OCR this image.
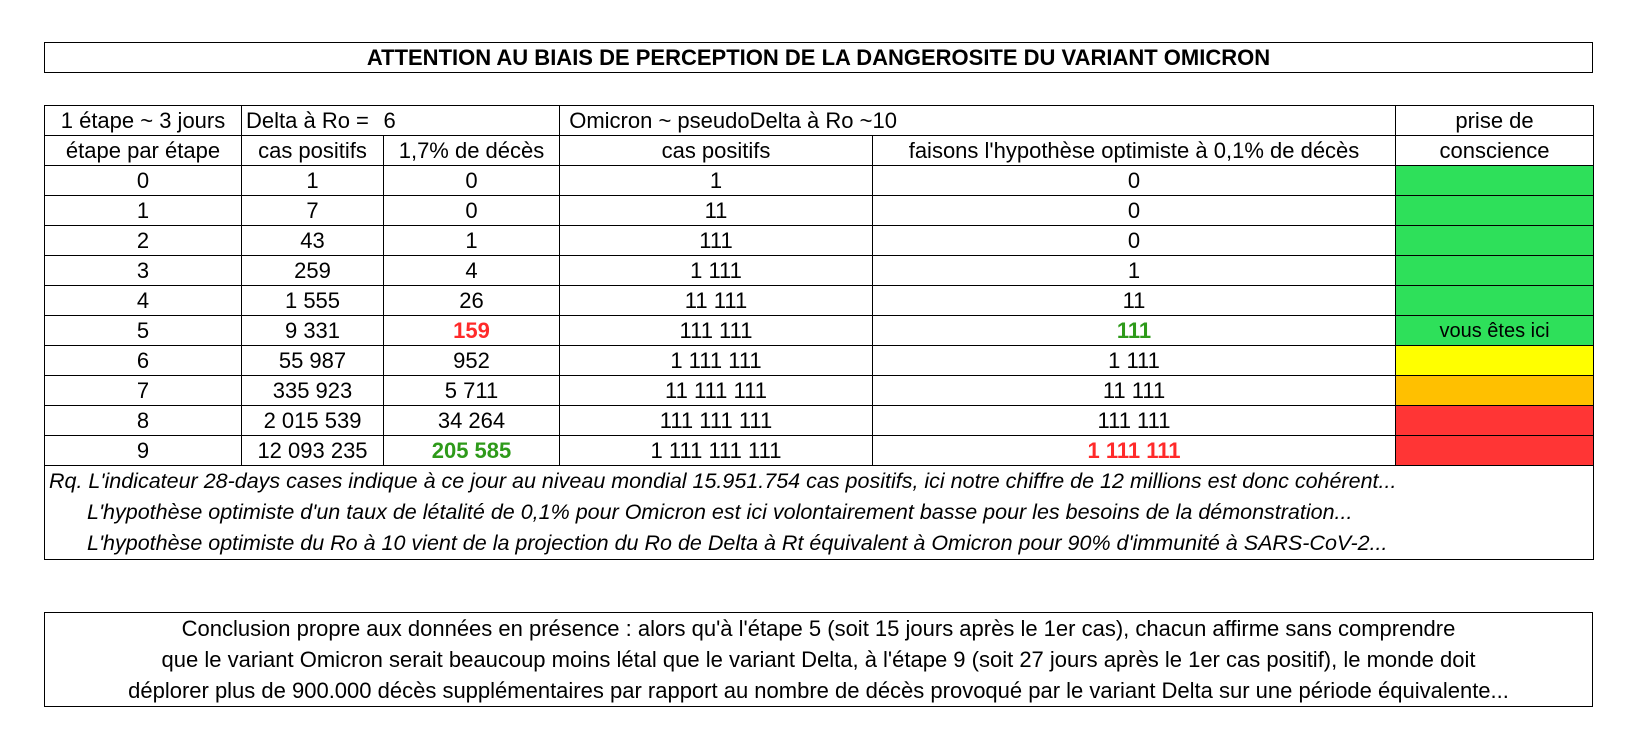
ATTENTION AU BIAIS DE PERCEPTION DE LA DANGEROSITE DU VARIANT OMICRON
1 étape ~ 3 jours	Delta à Ro =	6	Omicron ~ pseudoDelta à Ro ~	10	prise de
étape par étape	cas positifs	1,7% de décès	cas positifs	faisons l'hypothèse optimiste à 0,1% de décès	conscience
0	1	0	1	0	
1	7	0	11	0	
2	43	1	111	0	
3	259	4	1 111	1	
4	1 555	26	11 111	11	
5	9 331	159	111 111	111	vous êtes ici
6	55 987	952	1 111 111	1 111	
7	335 923	5 711	11 111 111	11 111	
8	2 015 539	34 264	111 111 111	111 111	
9	12 093 235	205 585	1 111 111 111	1 111 111	

Rq. L'indicateur 28-days cases indique à ce jour au niveau mondial 15.951.754 cas positifs, ici notre chiffre de 12 millions est donc cohérent...
L'hypothèse optimiste d'un taux de létalité de 0,1% pour Omicron est ici volontairement basse pour les besoins de la démonstration...
L'hypothèse optimiste du Ro à 10 vient de la projection du Ro de Delta à Rt équivalent à Omicron pour 90% d'immunité à SARS-CoV-2...					
Conclusion propre aux données en présence : alors qu'à l'étape 5 (soit 15 jours après le 1er cas), chacun affirme sans comprendre
que le variant Omicron serait beaucoup moins létal que le variant Delta, à l'étape 9 (soit 27 jours après le 1er cas positif), le monde doit
déplorer plus de 900.000 décès supplémentaires par rapport au nombre de décès provoqué par le variant Delta sur une période équivalente...
